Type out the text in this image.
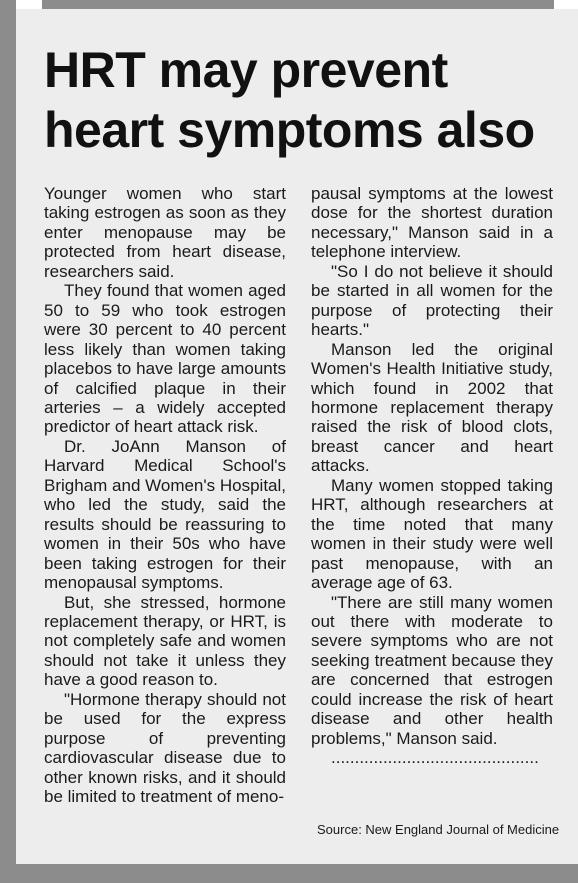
HRT may prevent heart symptoms also

Younger women who start taking estrogen as soon as they enter menopause may be protected from heart disease, researchers said.

They found that women aged 50 to 59 who took estrogen were 30 percent to 40 percent less likely than women taking placebos to have large amounts of calcified plaque in their arteries – a widely accepted predictor of heart attack risk.

Dr. JoAnn Manson of Harvard Medical School's Brigham and Women's Hospital, who led the study, said the results should be reassuring to women in their 50s who have been taking estrogen for their menopausal symptoms.

But, she stressed, hormone replacement therapy, or HRT, is not completely safe and women should not take it unless they have a good reason to.

"Hormone therapy should not be used for the express purpose of preventing cardiovascular disease due to other known risks, and it should be limited to treatment of meno-

pausal symptoms at the lowest dose for the shortest duration necessary," Manson said in a telephone interview.

"So I do not believe it should be started in all women for the purpose of protecting their hearts."

Manson led the original Women's Health Initiative study, which found in 2002 that hormone replacement therapy raised the risk of blood clots, breast cancer and heart attacks.

Many women stopped taking HRT, although researchers at the time noted that many women in their study were well past menopause, with an average age of 63.

"There are still many women out there with moderate to severe symptoms who are not seeking treatment because they are concerned that estrogen could increase the risk of heart disease and other health problems," Manson said.

..........................................​..

Source: New England Journal of Medicine
